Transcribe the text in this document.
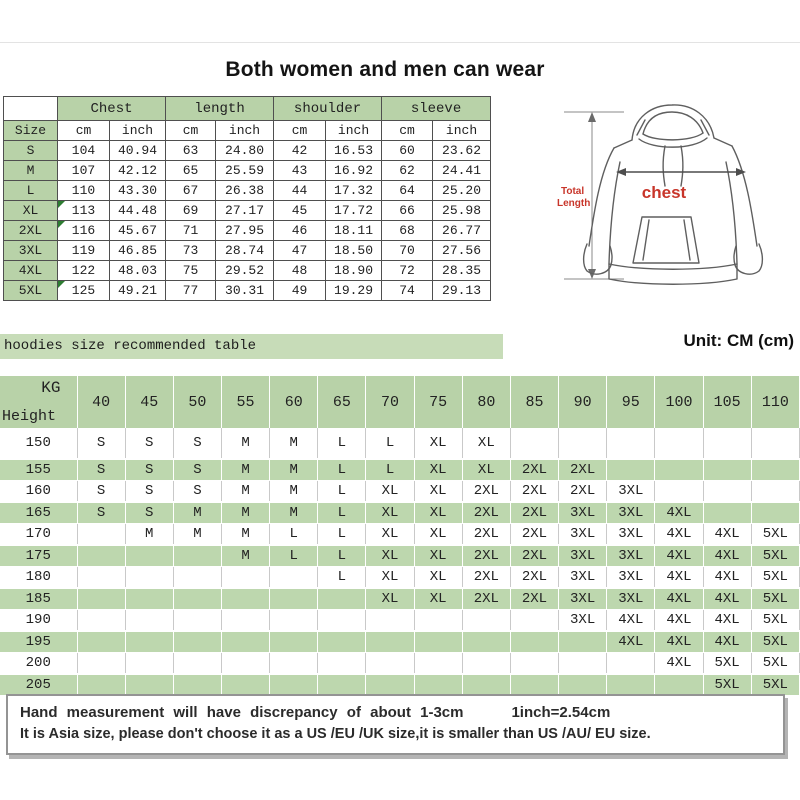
Both women and men can wear
	Chest		length		shoulder		sleeve	
Size	cm	inch	cm	inch	cm	inch	cm	inch
S	104	40.94	63	24.80	42	16.53	60	23.62
M	107	42.12	65	25.59	43	16.92	62	24.41
L	110	43.30	67	26.38	44	17.32	64	25.20
XL	113	44.48	69	27.17	45	17.72	66	25.98
2XL	116	45.67	71	27.95	46	18.11	68	26.77
3XL	119	46.85	73	28.74	47	18.50	70	27.56
4XL	122	48.03	75	29.52	48	18.90	72	28.35
5XL	125	49.21	77	30.31	49	19.29	74	29.13
Total
Length
chest
hoodies size recommended table	Unit: CM (cm)
KG
Height	40	45	50	55	60	65	70	75	80	85	90	95	100	105	110
150	S	S	S	M	M	L	L	XL	XL						
155	S	S	S	M	M	L	L	XL	XL	2XL	2XL				
160	S	S	S	M	M	L	XL	XL	2XL	2XL	2XL	3XL			
165	S	S	M	M	M	L	XL	XL	2XL	2XL	3XL	3XL	4XL		
170		M	M	M	L	L	XL	XL	2XL	2XL	3XL	3XL	4XL	4XL	5XL
175				M	L	L	XL	XL	2XL	2XL	3XL	3XL	4XL	4XL	5XL
180						L	XL	XL	2XL	2XL	3XL	3XL	4XL	4XL	5XL
185							XL	XL	2XL	2XL	3XL	3XL	4XL	4XL	5XL
190											3XL	4XL	4XL	4XL	5XL
195												4XL	4XL	4XL	5XL
200													4XL	5XL	5XL
205														5XL	5XL
Hand measurement will have discrepancy of about 1-3cm	1inch=2.54cm
It is Asia size, please don't choose it as a US /EU /UK size,it is smaller than US /AU/ EU size.
